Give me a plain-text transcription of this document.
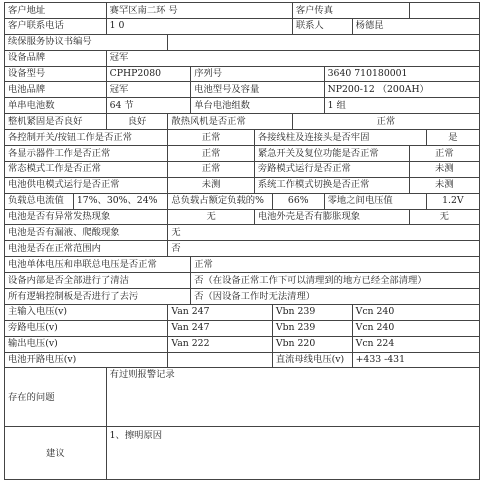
客户地址		赛罕区南二环 号					客户传真				
客户联系电话		1 0					联系人		杨德昆		
续保服务协议书编号											
设备品牌		冠军									
设备型号		CPHP2080		序列号				3640 710180001			
电池品牌		冠军		电池型号及容量				NP200-12 （200AH）			
单串电池数		64 节		单台电池组数				1 组			
整机紧固是否良好		良好	散热风机是否正常				正常				
各控制开关/按钮工作是否正常			正常		各接线柱及连接头是否牢固						是
各显示器件工作是否正常			正常		紧急开关及复位功能是否正常					正常	
常态模式工作是否正常			正常		旁路模式运行是否正常					未测	
电池供电模式运行是否正常			未测		系统工作模式切换是否正常					未测	
负载总电流值	17%、30%、24%		总负载占额定负载的%			66%		零地之间电压值			1.2V
电池是否有异常发热现象			无		电池外壳是否有膨胀现象					无	
电池是否有漏液、爬酸现象			无								
电池是否在正常范围内			否								
电池单体电压和串联总电压是否正常				正常							
设备内部是否全部进行了清洁				否（在设备正常工作下可以清理到的地方已经全部清理）							
所有逻辑控制板是否进行了去污				否（因设备工作时无法清理）							
主输入电压(v)			Van 247			Vbn 239			Vcn 240		
旁路电压(v)			Van 247			Vbn 239			Vcn 240		
输出电压(v)			Van 222			Vbn 220			Vcn 224		
电池开路电压(v)						直流母线电压(v)			+433 -431		
存在的问题		有过则报警记录									
建议		1、擦明原因									
